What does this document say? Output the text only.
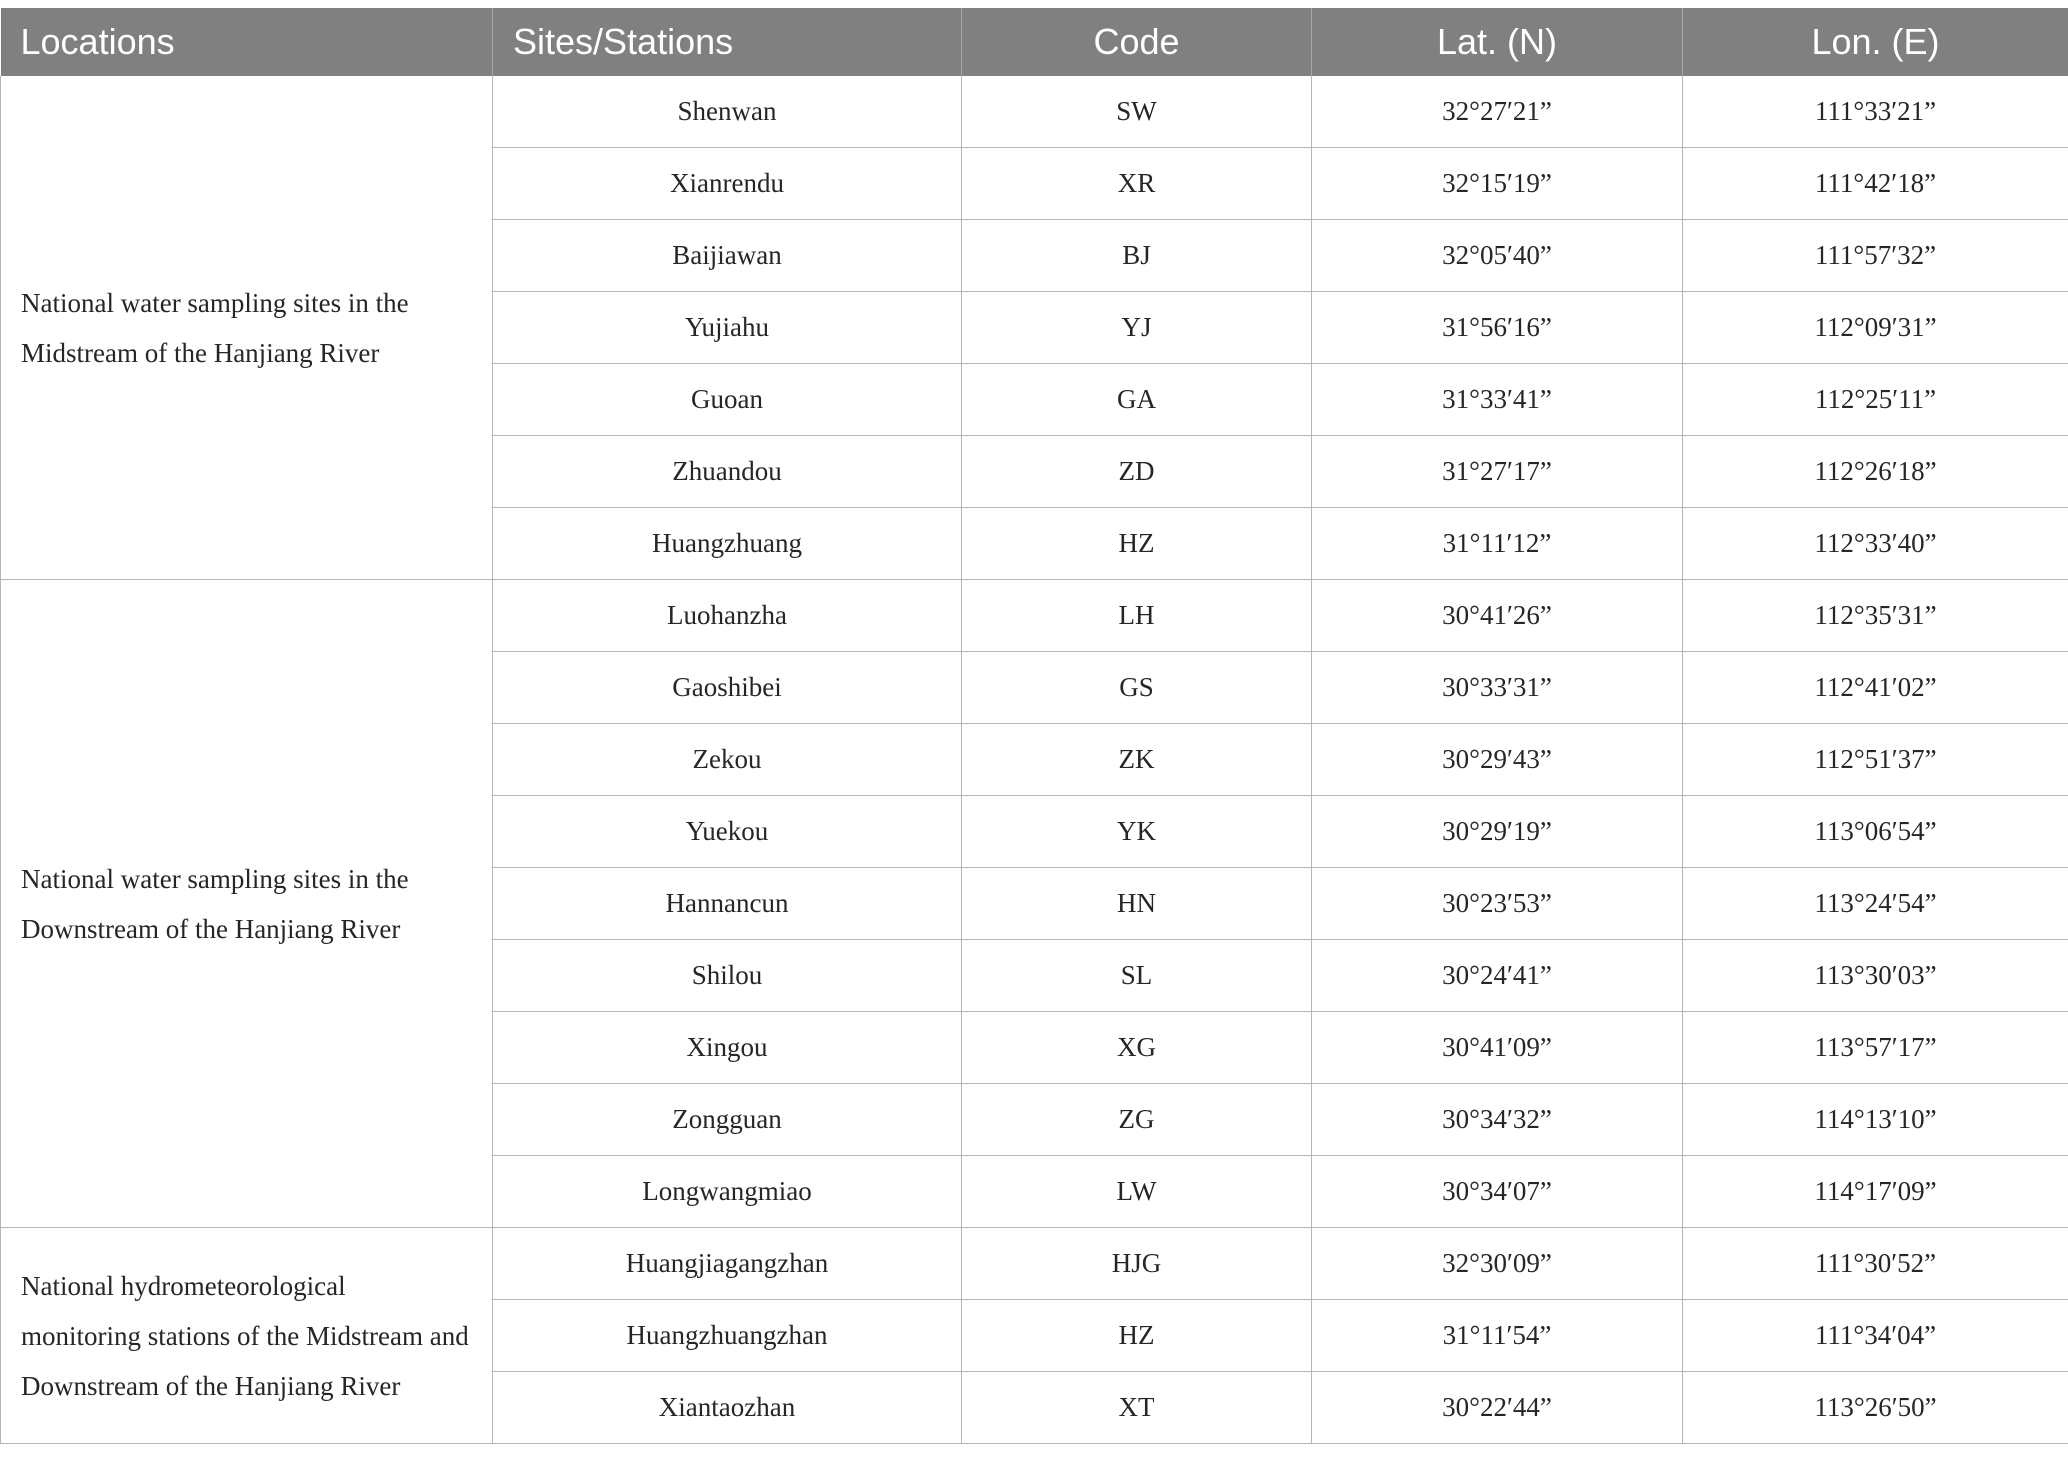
Locations	Sites/Stations	Code	Lat. (N)	Lon. (E)
National water sampling sites in the Midstream of the Hanjiang River	Shenwan	SW	32°27′21”	111°33′21”
	Xianrendu	XR	32°15′19”	111°42′18”
	Baijiawan	BJ	32°05′40”	111°57′32”
	Yujiahu	YJ	31°56′16”	112°09′31”
	Guoan	GA	31°33′41”	112°25′11”
	Zhuandou	ZD	31°27′17”	112°26′18”
	Huangzhuang	HZ	31°11′12”	112°33′40”
National water sampling sites in the Downstream of the Hanjiang River	Luohanzha	LH	30°41′26”	112°35′31”
	Gaoshibei	GS	30°33′31”	112°41′02”
	Zekou	ZK	30°29′43”	112°51′37”
	Yuekou	YK	30°29′19”	113°06′54”
	Hannancun	HN	30°23′53”	113°24′54”
	Shilou	SL	30°24′41”	113°30′03”
	Xingou	XG	30°41′09”	113°57′17”
	Zongguan	ZG	30°34′32”	114°13′10”
	Longwangmiao	LW	30°34′07”	114°17′09”
National hydrometeorological monitoring stations of the Midstream and Downstream of the Hanjiang River	Huangjiagangzhan	HJG	32°30′09”	111°30′52”
	Huangzhuangzhan	HZ	31°11′54”	111°34′04”
	Xiantaozhan	XT	30°22′44”	113°26′50”
